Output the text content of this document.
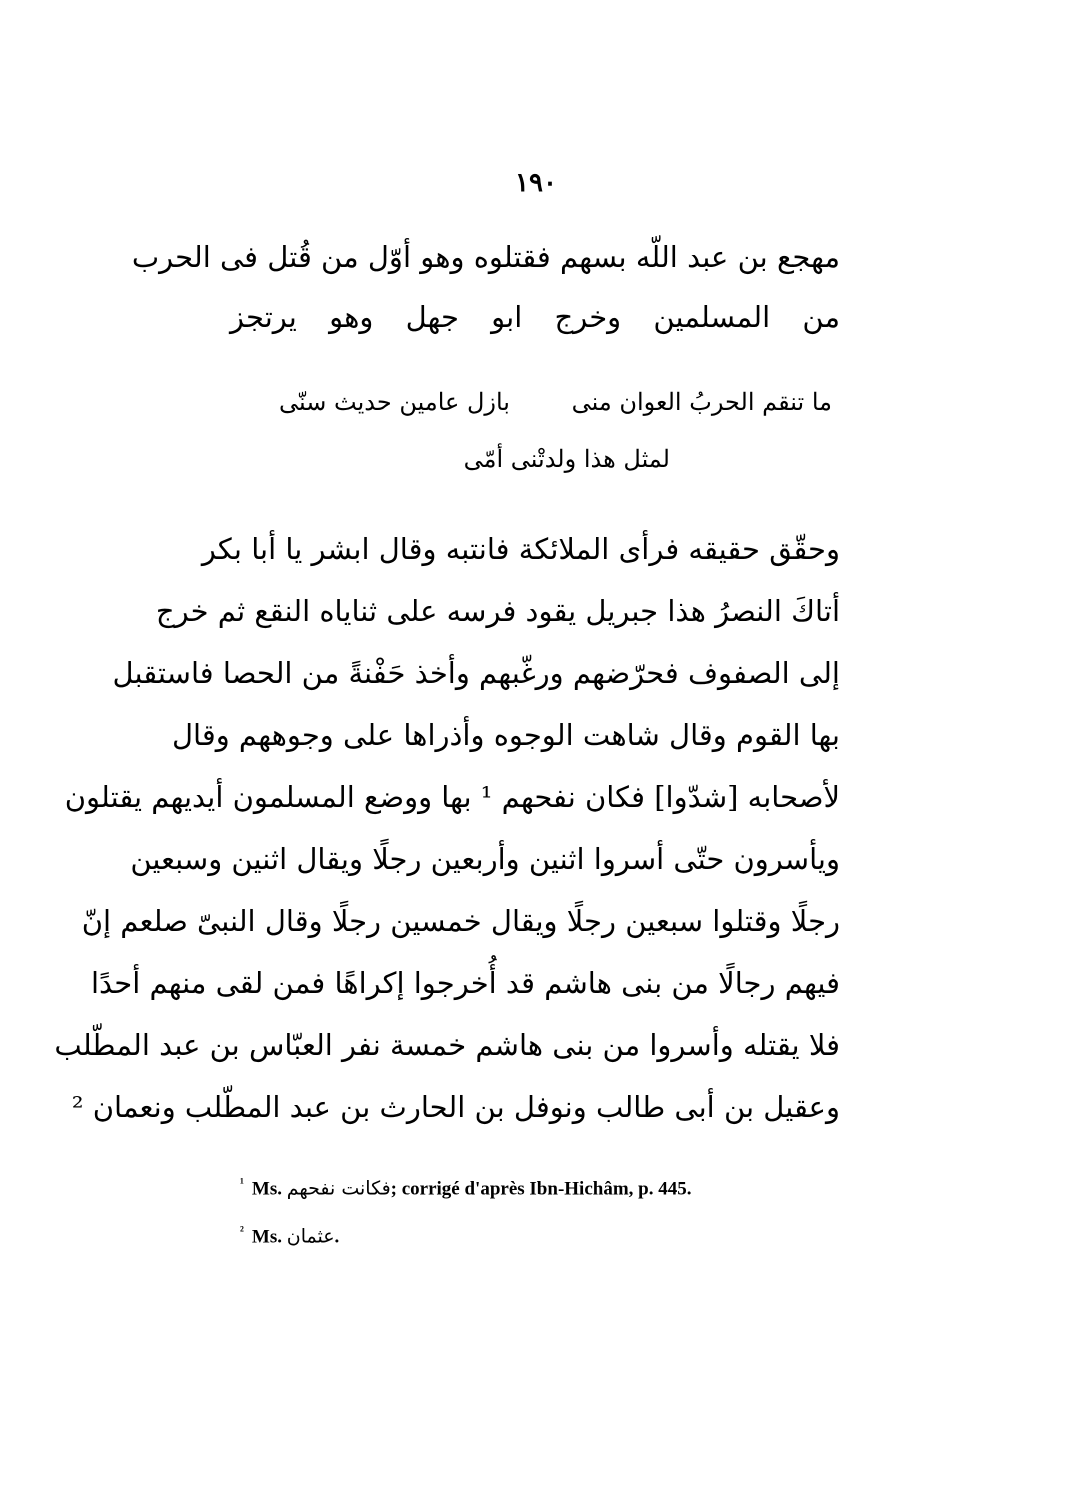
١٩٠
مهجع بن عبد اللّه بسهم فقتلوه وهو أوّل من قُتل فى الحرب
من المسلمين وخرج ابو جهل وهو يرتجز
ما تنقم الحربُ العوان منى
بازل عامين حديث سنّى
لمثل هذا ولدتْنى أمّى
وحقّق حقيقه فرأى الملائكة فانتبه وقال ابشر يا أبا بكر
أتاكَ النصرُ هذا جبريل يقود فرسه على ثناياه النقع ثم خرج
إلى الصفوف فحرّضهم ورغّبهم وأخذ حَفْنةً من الحصا فاستقبل
بها القوم وقال شاهت الوجوه وأذراها على وجوههم وقال
لأصحابه [شدّوا] فكان نفحهم ¹ بها ووضع المسلمون أيديهم يقتلون
ويأسرون حتّى أسروا اثنين وأربعين رجلًا ويقال اثنين وسبعين
رجلًا وقتلوا سبعين رجلًا ويقال خمسين رجلًا وقال النبىّ صلعم إنّ
فيهم رجالًا من بنى هاشم قد أُخرجوا إكراهًا فمن لقى منهم أحدًا
فلا يقتله وأسروا من بنى هاشم خمسة نفر العبّاس بن عبد المطّلب
وعقيل بن أبى طالب ونوفل بن الحارث بن عبد المطّلب ونعمان ²
$^{^1}$ Ms. فكانت نفحهم; corrigé d'après Ibn-Hichâm, p. 445.
$^{^2}$ Ms. عثمان.
